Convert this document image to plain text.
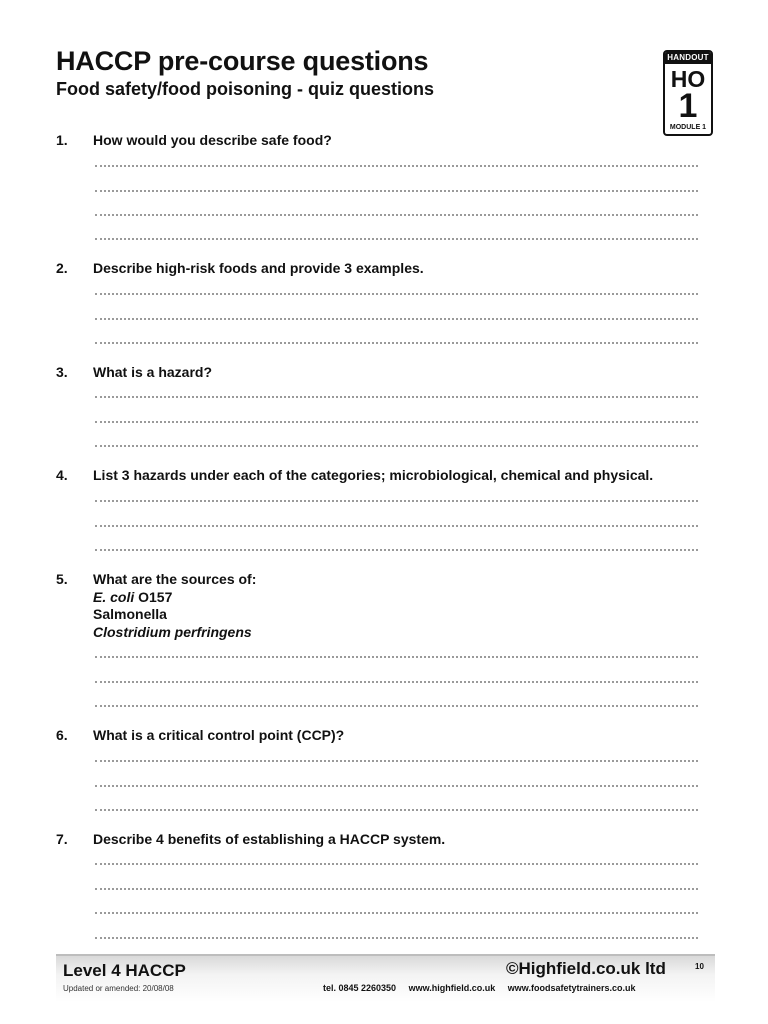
HACCP pre-course questions
Food safety/food poisoning - quiz questions
HANDOUT
HO
1
MODULE 1
1. How would you describe safe food?
2. Describe high-risk foods and provide 3 examples.
3. What is a hazard?
4. List 3 hazards under each of the categories; microbiological, chemical and physical.
5. What are the sources of:
E. coli O157
Salmonella
Clostridium perfringens
6. What is a critical control point (CCP)?
7. Describe 4 benefits of establishing a HACCP system.
Level 4 HACCP
Updated or amended: 20/08/08
©Highfield.co.uk ltd	10
tel. 0845 2260350 www.highfield.co.uk www.foodsafetytrainers.co.uk
